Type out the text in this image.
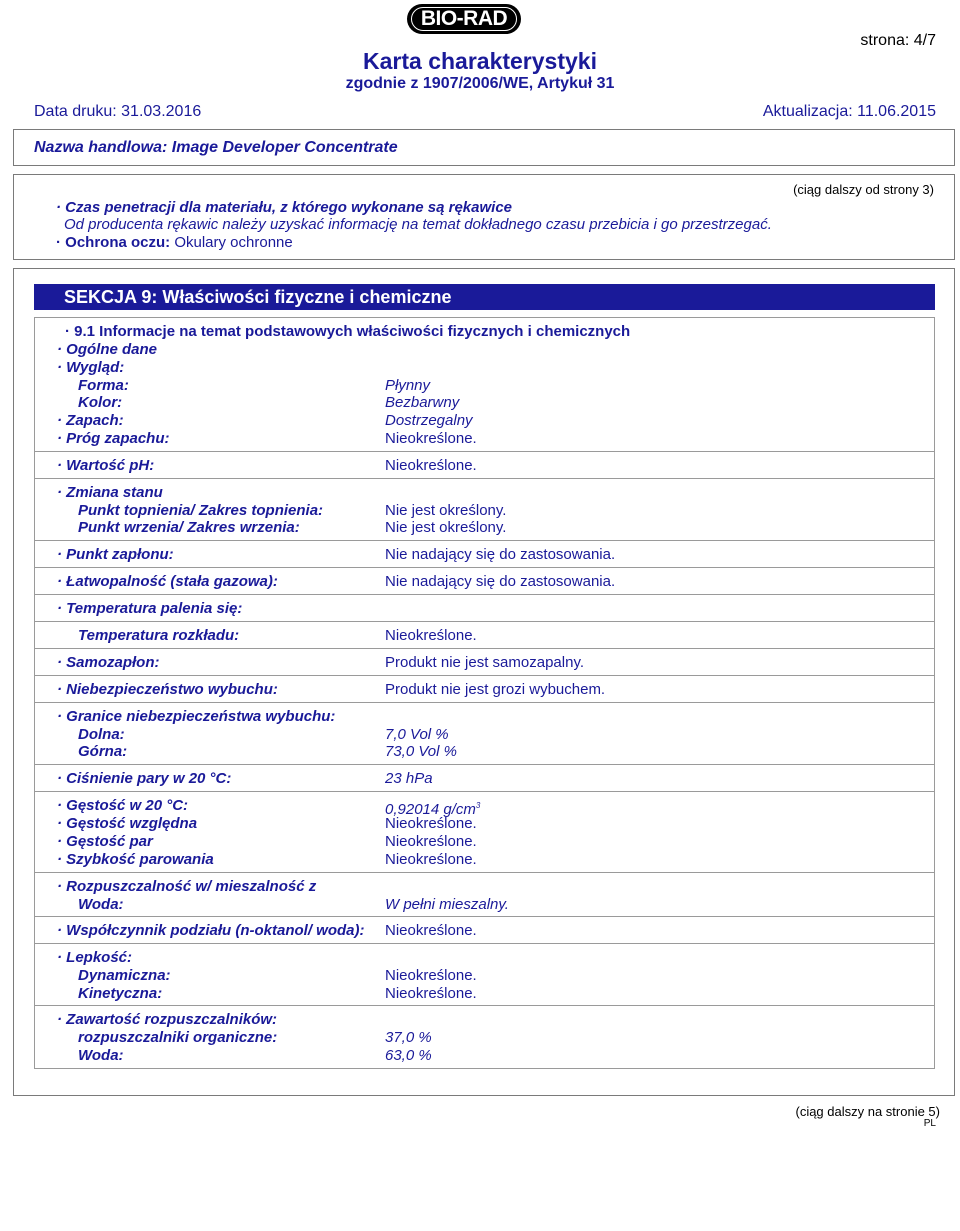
BIO-RAD
strona: 4/7
Karta charakterystyki
zgodnie z 1907/2006/WE, Artykuł 31
Data druku: 31.03.2016	Aktualizacja: 11.06.2015
Nazwa handlowa: Image Developer Concentrate
(ciąg dalszy od strony 3)
· Czas penetracji dla materiału, z którego wykonane są rękawice
Od producenta rękawic należy uzyskać informację na temat dokładnego czasu przebicia i go przestrzegać.
· Ochrona oczu: Okulary ochronne
SEKCJA 9: Właściwości fizyczne i chemiczne
· 9.1 Informacje na temat podstawowych właściwości fizycznych i chemicznych
· Ogólne dane
· Wygląd:
Forma:	Płynny
Kolor:	Bezbarwny
· Zapach:	Dostrzegalny
· Próg zapachu:	Nieokreślone.
· Wartość pH:	Nieokreślone.
· Zmiana stanu
Punkt topnienia/ Zakres topnienia:	Nie jest określony.
Punkt wrzenia/ Zakres wrzenia:	Nie jest określony.
· Punkt zapłonu:	Nie nadający się do zastosowania.
· Łatwopalność (stała gazowa):	Nie nadający się do zastosowania.
· Temperatura palenia się:
Temperatura rozkładu:	Nieokreślone.
· Samozapłon:	Produkt nie jest samozapalny.
· Niebezpieczeństwo wybuchu:	Produkt nie jest grozi wybuchem.
· Granice niebezpieczeństwa wybuchu:
Dolna:	7,0 Vol %
Górna:	73,0 Vol %
· Ciśnienie pary w 20 °C:	23 hPa
· Gęstość w 20 °C:	0,92014 $g/cm^3$
· Gęstość względna	Nieokreślone.
· Gęstość par	Nieokreślone.
· Szybkość parowania	Nieokreślone.
· Rozpuszczalność w/ mieszalność z
Woda:	W pełni mieszalny.
· Współczynnik podziału (n-oktanol/ woda): Nieokreślone.
· Lepkość:
Dynamiczna:	Nieokreślone.
Kinetyczna:	Nieokreślone.
· Zawartość rozpuszczalników:
rozpuszczalniki organiczne:	37,0 %
Woda:	63,0 %
(ciąg dalszy na stronie 5)
PL
